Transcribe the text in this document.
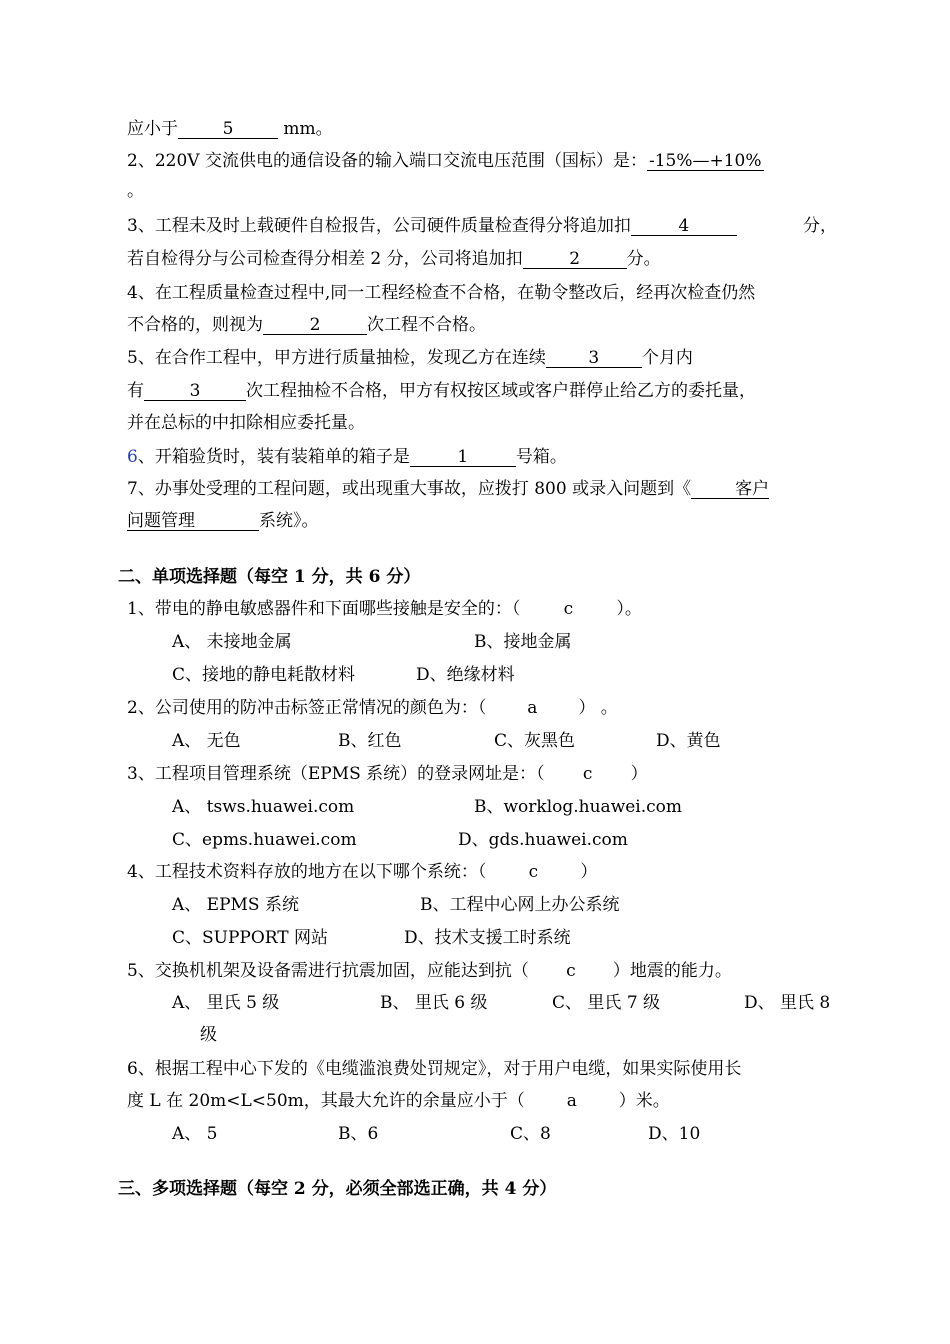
应小于	5	mm。
2、220V 交流供电的通信设备的输入端口交流电压范围（国标）是： -15%—+10%
。
3、工程未及时上载硬件自检报告，公司硬件质量检查得分将追加扣	4	分，
若自检得分与公司检查得分相差 2 分，公司将追加扣	2	分。
4、在工程质量检查过程中,同一工程经检查不合格，在勒令整改后，经再次检查仍然
不合格的，则视为	2	次工程不合格。
5、在合作工程中，甲方进行质量抽检，发现乙方在连续	3	个月内
有	3	次工程抽检不合格，甲方有权按区域或客户群停止给乙方的委托量，
并在总标的中扣除相应委托量。
6、开箱验货时，装有装箱单的箱子是	1	号箱。
7、办事处受理的工程问题，或出现重大事故，应拨打 800 或录入问题到《	客户
问题管理	系统》。
二、单项选择题（每空 1 分，共 6 分）
1、带电的静电敏感器件和下面哪些接触是安全的：（	c	）。
A、 未接地金属	B、接地金属
C、接地的静电耗散材料	D、绝缘材料
2、公司使用的防冲击标签正常情况的颜色为：（ a ） 。
A、 无色	B、红色	C、灰黑色	D、黄色
3、工程项目管理系统（EPMS 系统）的登录网址是：（ c ）
A、 tsws.huawei.com	B、worklog.huawei.com
C、epms.huawei.com	D、gds.huawei.com
4、工程技术资料存放的地方在以下哪个系统：（ c ）
A、 EPMS 系统	B、工程中心网上办公系统
C、SUPPORT 网站	D、技术支援工时系统
5、交换机机架及设备需进行抗震加固，应能达到抗（ c ）地震的能力。
A、 里氏 5 级	B、 里氏 6 级	C、 里氏 7 级	D、 里氏 8
级
6、根据工程中心下发的《电缆滥浪费处罚规定》，对于用户电缆，如果实际使用长
度 L 在 20m<L<50m，其最大允许的余量应小于（ a ）米。
A、 5	B、6	C、8	D、10
三、多项选择题（每空 2 分，必须全部选正确，共 4 分）
